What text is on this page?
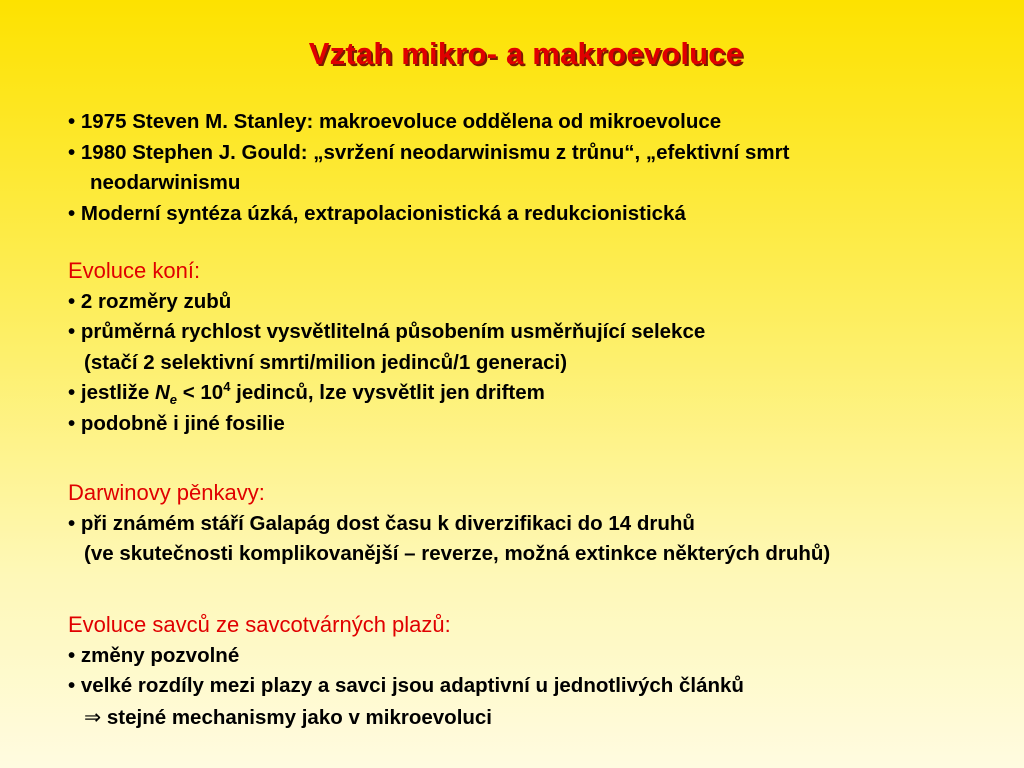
Vztah mikro- a makroevoluce
• 1975 Steven M. Stanley: makroevoluce oddělena od mikroevoluce
• 1980 Stephen J. Gould: „svržení neodarwinismu z trůnu“, „efektivní smrt
neodarwinismu
• Moderní syntéza úzká, extrapolacionistická a redukcionistická
Evoluce koní:
• 2 rozměry zubů
• průměrná rychlost vysvětlitelná působením usměrňující selekce
(stačí 2 selektivní smrti/milion jedinců/1 generaci)
• jestliže $N_e < 10^4$ jedinců, lze vysvětlit jen driftem
• podobně i jiné fosilie
Darwinovy pěnkavy:
• při známém stáří Galapág dost času k diverzifikaci do 14 druhů
(ve skutečnosti komplikovanější – reverze, možná extinkce některých druhů)
Evoluce savců ze savcotvárných plazů:
• změny pozvolné
• velké rozdíly mezi plazy a savci jsou adaptivní u jednotlivých článků
⇒ stejné mechanismy jako v mikroevoluci
